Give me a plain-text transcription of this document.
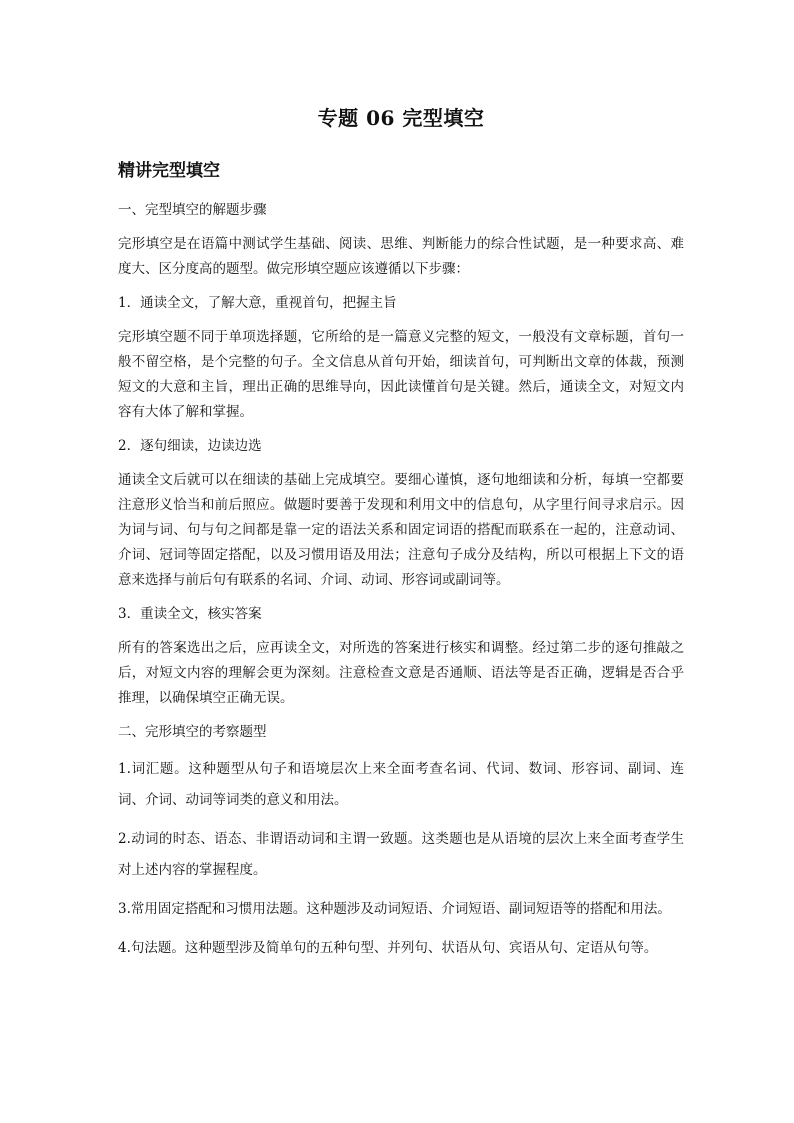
专题 06 完型填空
精讲完型填空
一、完型填空的解题步骤
完形填空是在语篇中测试学生基础、阅读、思维、判断能力的综合性试题，是一种要求高、难度大、区分度高的题型。做完形填空题应该遵循以下步骤：
1．通读全文，了解大意，重视首句，把握主旨
完形填空题不同于单项选择题，它所给的是一篇意义完整的短文，一般没有文章标题，首句一般不留空格，是个完整的句子。全文信息从首句开始，细读首句，可判断出文章的体裁，预测短文的大意和主旨，理出正确的思维导向，因此读懂首句是关键。然后，通读全文，对短文内容有大体了解和掌握。
2．逐句细读，边读边选
通读全文后就可以在细读的基础上完成填空。要细心谨慎，逐句地细读和分析，每填一空都要注意形义恰当和前后照应。做题时要善于发现和利用文中的信息句，从字里行间寻求启示。因为词与词、句与句之间都是靠一定的语法关系和固定词语的搭配而联系在一起的，注意动词、介词、冠词等固定搭配，以及习惯用语及用法；注意句子成分及结构，所以可根据上下文的语意来选择与前后句有联系的名词、介词、动词、形容词或副词等。
3．重读全文，核实答案
所有的答案选出之后，应再读全文，对所选的答案进行核实和调整。经过第二步的逐句推敲之后，对短文内容的理解会更为深刻。注意检查文意是否通顺、语法等是否正确，逻辑是否合乎推理，以确保填空正确无误。
二、完形填空的考察题型
1.词汇题。这种题型从句子和语境层次上来全面考查名词、代词、数词、形容词、副词、连词、介词、动词等词类的意义和用法。
2.动词的时态、语态、非谓语动词和主谓一致题。这类题也是从语境的层次上来全面考查学生对上述内容的掌握程度。
3.常用固定搭配和习惯用法题。这种题涉及动词短语、介词短语、副词短语等的搭配和用法。
4.句法题。这种题型涉及简单句的五种句型、并列句、状语从句、宾语从句、定语从句等。
